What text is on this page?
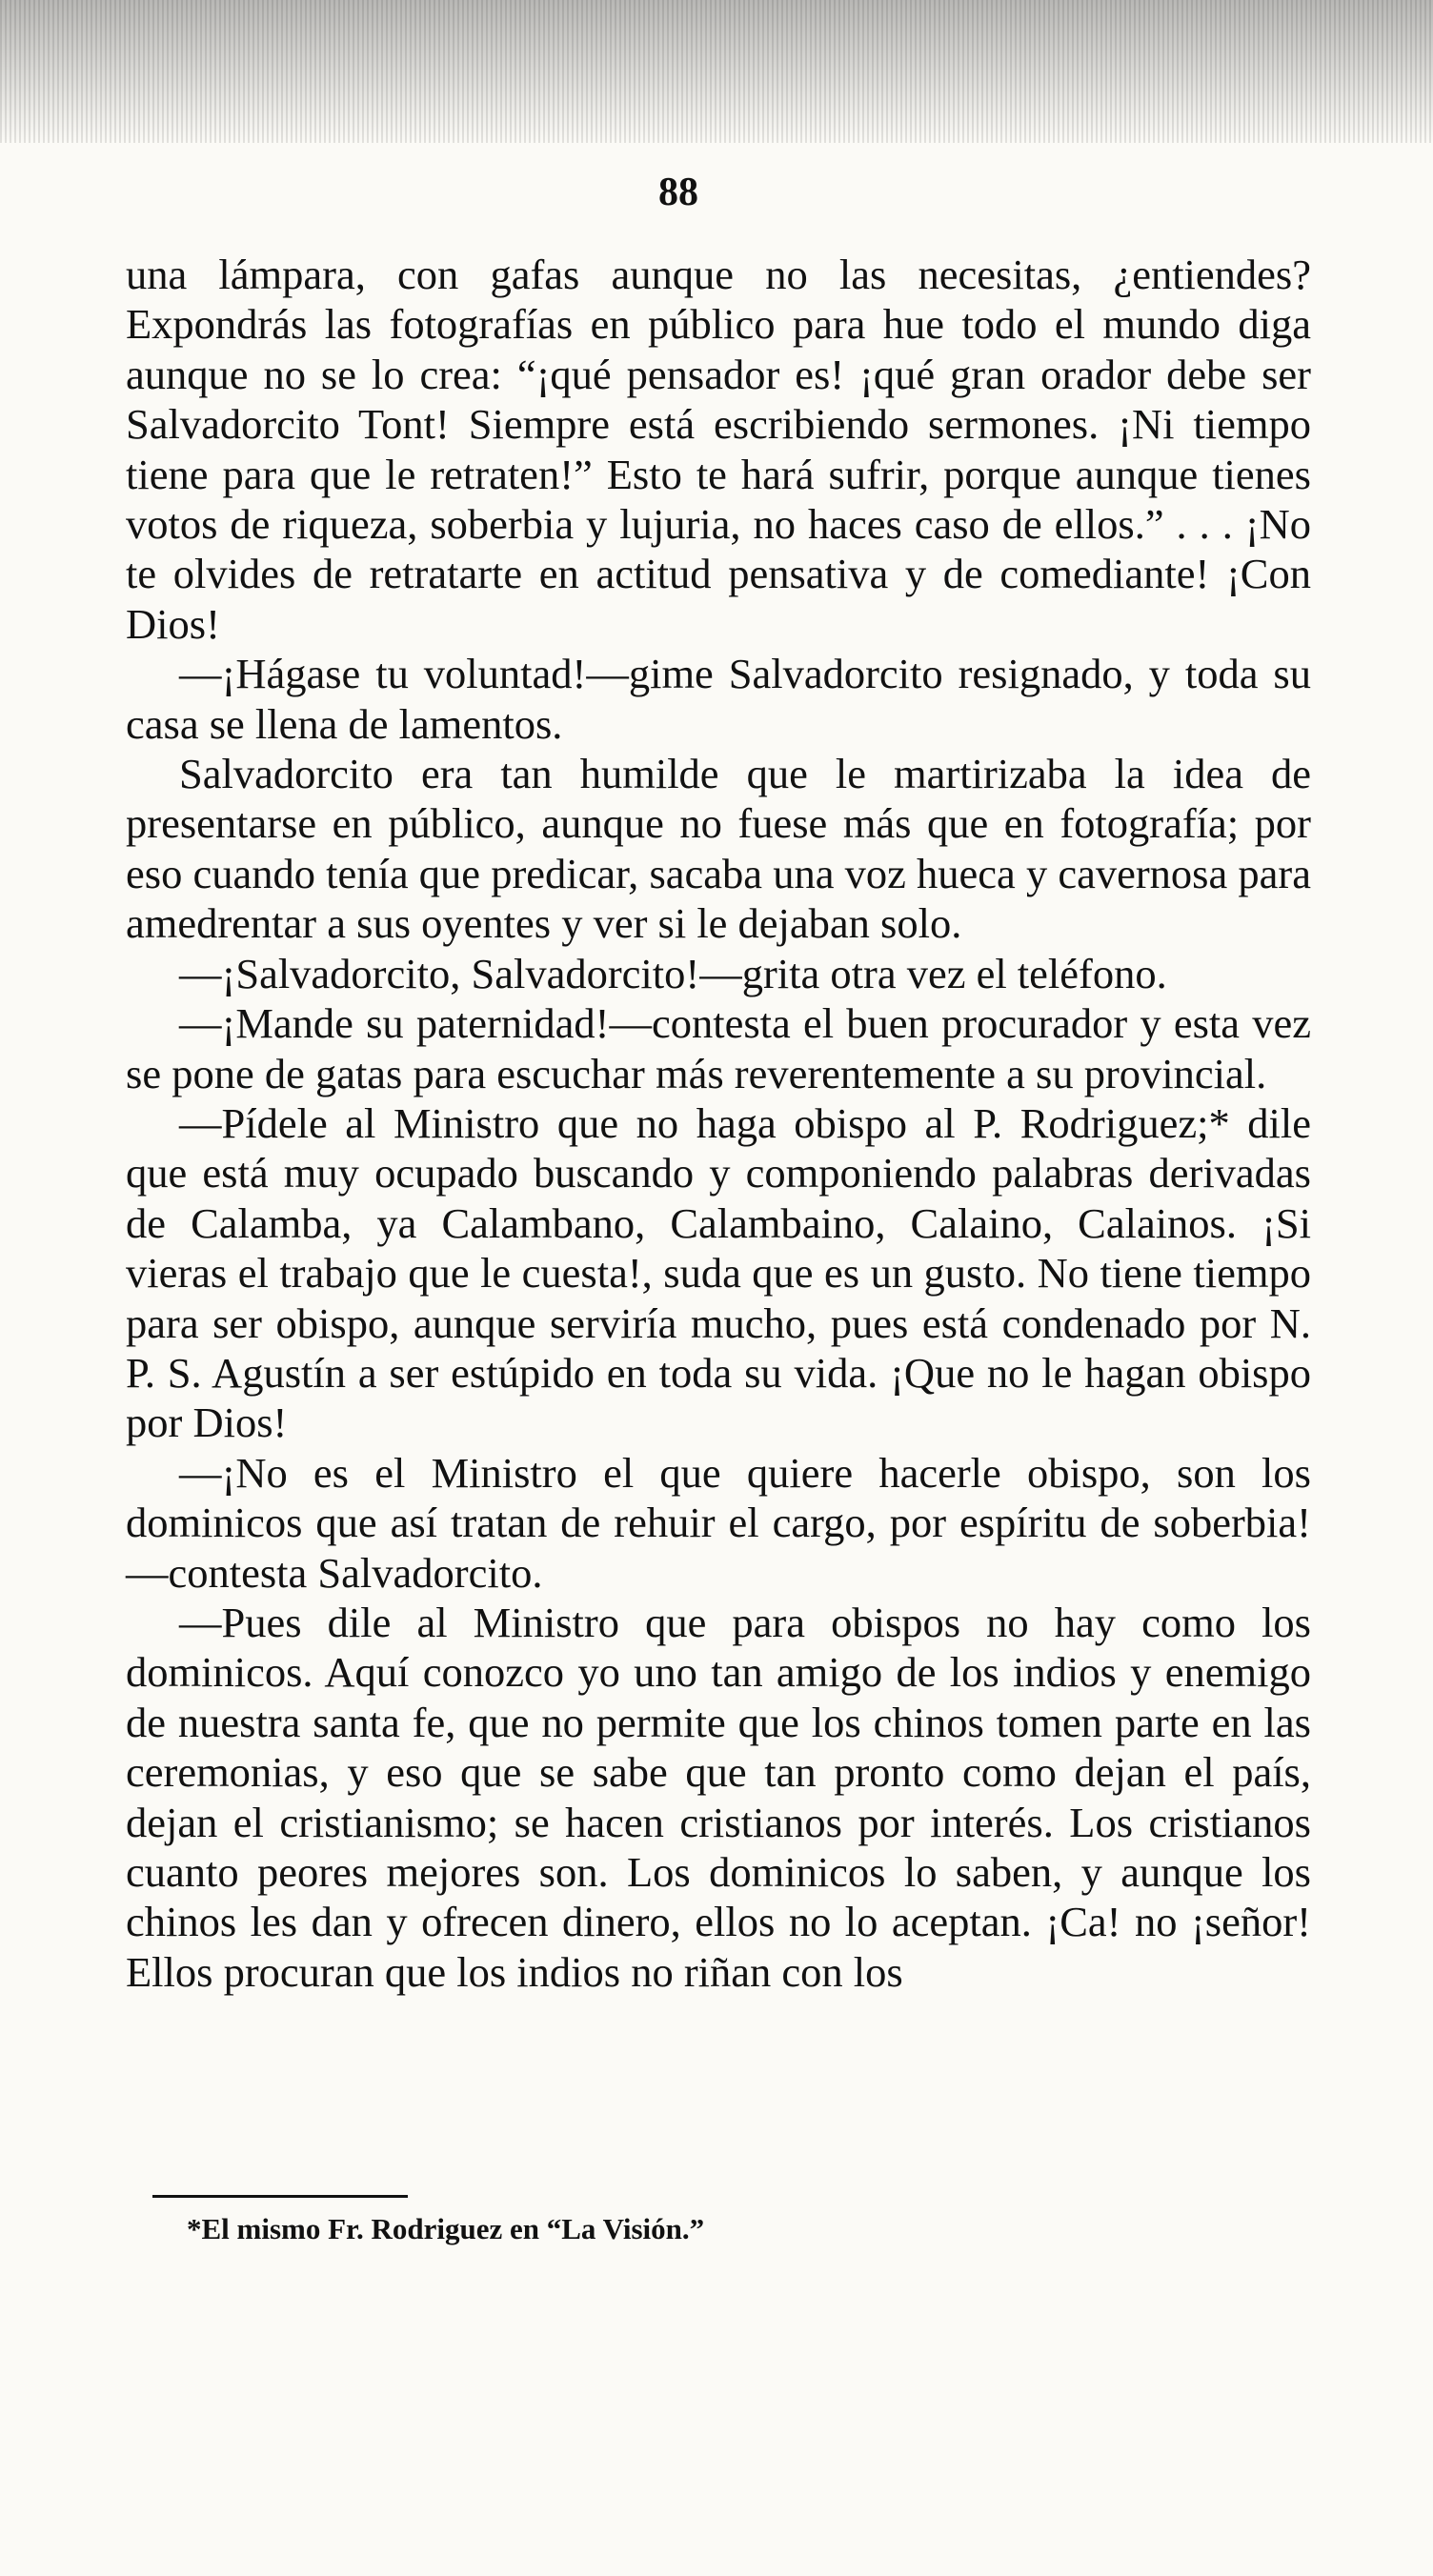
88

una lámpara, con gafas aunque no las necesitas, ¿entiendes? Expondrás las fotografías en público para hue todo el mundo diga aunque no se lo crea: “¡qué pensador es! ¡qué gran orador debe ser Salvadorcito Tont! Siempre está escribiendo sermones. ¡Ni tiempo tiene para que le retraten!” Esto te hará sufrir, porque aunque tienes votos de riqueza, soberbia y lujuria, no haces caso de ellos.” . . . ¡No te olvides de retratarte en actitud pensativa y de comediante! ¡Con Dios!

—¡Hágase tu voluntad!—gime Salvadorcito resignado, y toda su casa se llena de lamentos.

Salvadorcito era tan humilde que le martirizaba la idea de presentarse en público, aunque no fuese más que en fotografía; por eso cuando tenía que predicar, sacaba una voz hueca y cavernosa para amedrentar a sus oyentes y ver si le dejaban solo.

—¡Salvadorcito, Salvadorcito!—grita otra vez el teléfono.

—¡Mande su paternidad!—contesta el buen procurador y esta vez se pone de gatas para escuchar más reverentemente a su provincial.

—Pídele al Ministro que no haga obispo al P. Rodriguez;* dile que está muy ocupado buscando y componiendo palabras derivadas de Calamba, ya Calambano, Calambaino, Calaino, Calainos. ¡Si vieras el trabajo que le cuesta!, suda que es un gusto. No tiene tiempo para ser obispo, aunque serviría mucho, pues está condenado por N. P. S. Agustín a ser estúpido en toda su vida. ¡Que no le hagan obispo por Dios!

—¡No es el Ministro el que quiere hacerle obispo, son los dominicos que así tratan de rehuir el cargo, por espíritu de soberbia!—contesta Salvadorcito.

—Pues dile al Ministro que para obispos no hay como los dominicos. Aquí conozco yo uno tan amigo de los indios y enemigo de nuestra santa fe, que no permite que los chinos tomen parte en las ceremonias, y eso que se sabe que tan pronto como dejan el país, dejan el cristianismo; se hacen cristianos por interés. Los cristianos cuanto peores mejores son. Los dominicos lo saben, y aunque los chinos les dan y ofrecen dinero, ellos no lo aceptan. ¡Ca! no ¡señor! Ellos procuran que los indios no riñan con los

*El mismo Fr. Rodriguez en “La Visión.”
